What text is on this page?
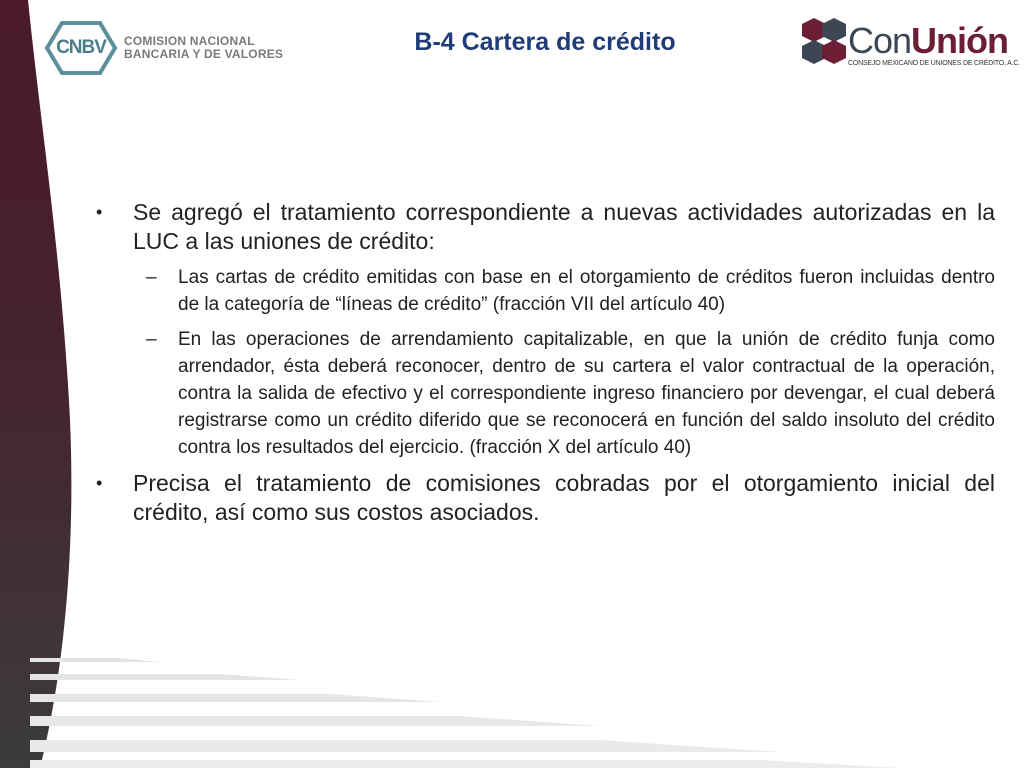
CNBV	COMISION NACIONAL
BANCARIA Y DE VALORES	B-4 Cartera de crédito	ConUnión
CONSEJO MEXICANO DE UNIONES DE CRÉDITO, A.C.
• Se agregó el tratamiento correspondiente a nuevas actividades autorizadas en la LUC a las uniones de crédito:
– Las cartas de crédito emitidas con base en el otorgamiento de créditos fueron incluidas dentro de la categoría de “líneas de crédito” (fracción VII del artículo 40)
– En las operaciones de arrendamiento capitalizable, en que la unión de crédito funja como arrendador, ésta deberá reconocer, dentro de su cartera el valor contractual de la operación, contra la salida de efectivo y el correspondiente ingreso financiero por devengar, el cual deberá registrarse como un crédito diferido que se reconocerá en función del saldo insoluto del crédito contra los resultados del ejercicio. (fracción X del artículo 40)
• Precisa el tratamiento de comisiones cobradas por el otorgamiento inicial del crédito, así como sus costos asociados.
